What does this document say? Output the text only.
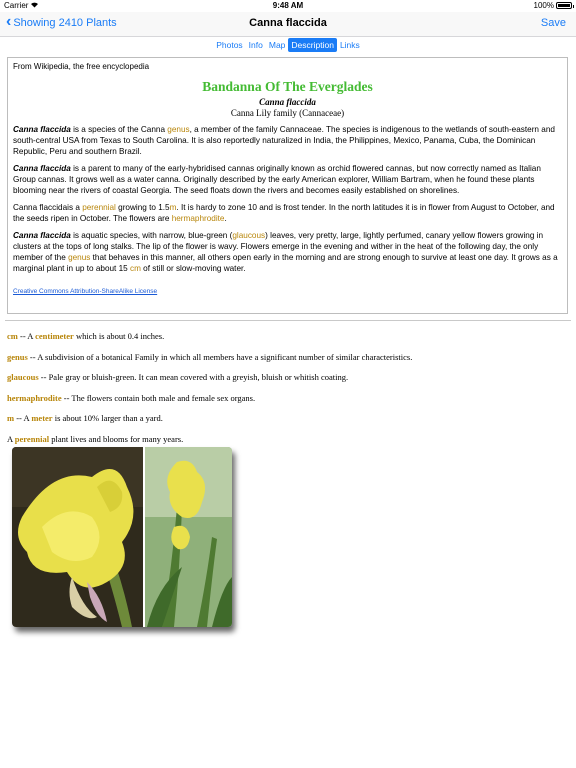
Carrier	9:48 AM	100%
‹ Showing 2410 Plants	Canna flaccida	Save
Photos Info Map Description Links
From Wikipedia, the free encyclopedia
Bandanna Of The Everglades
Canna flaccida
Canna Lily family (Cannaceae)

Canna flaccida is a species of the Canna genus, a member of the family Cannaceae. The species is indigenous to the wetlands of south-eastern and south-central USA from Texas to South Carolina. It is also reportedly naturalized in India, the Philippines, Mexico, Panama, Cuba, the Dominican Republic, Peru and southern Brazil.

Canna flaccida is a parent to many of the early-hybridised cannas originally known as orchid flowered cannas, but now correctly named as Italian Group cannas. It grows well as a water canna. Originally described by the early American explorer, William Bartram, when he found these plants blooming near the rivers of coastal Georgia. The seed floats down the rivers and becomes easily established on shorelines.

Canna flaccidais a perennial growing to 1.5m. It is hardy to zone 10 and is frost tender. In the north latitudes it is in flower from August to October, and the seeds ripen in October. The flowers are hermaphrodite.

Canna flaccida is aquatic species, with narrow, blue-green (glaucous) leaves, very pretty, large, lightly perfumed, canary yellow flowers growing in clusters at the tops of long stalks. The lip of the flower is wavy. Flowers emerge in the evening and wither in the heat of the following day, the only member of the genus that behaves in this manner, all others open early in the morning and are strong enough to survive at least one day. It grows as a marginal plant in up to about 15 cm of still or slow-moving water.

Creative Commons Attribution-ShareAlike License
cm -- A centimeter which is about 0.4 inches.
genus -- A subdivision of a botanical Family in which all members have a significant number of similar characteristics.
glaucous -- Pale gray or bluish-green. It can mean covered with a greyish, bluish or whitish coating.
hermaphrodite -- The flowers contain both male and female sex organs.
m -- A meter is about 10% larger than a yard.
A perennial plant lives and blooms for many years.
